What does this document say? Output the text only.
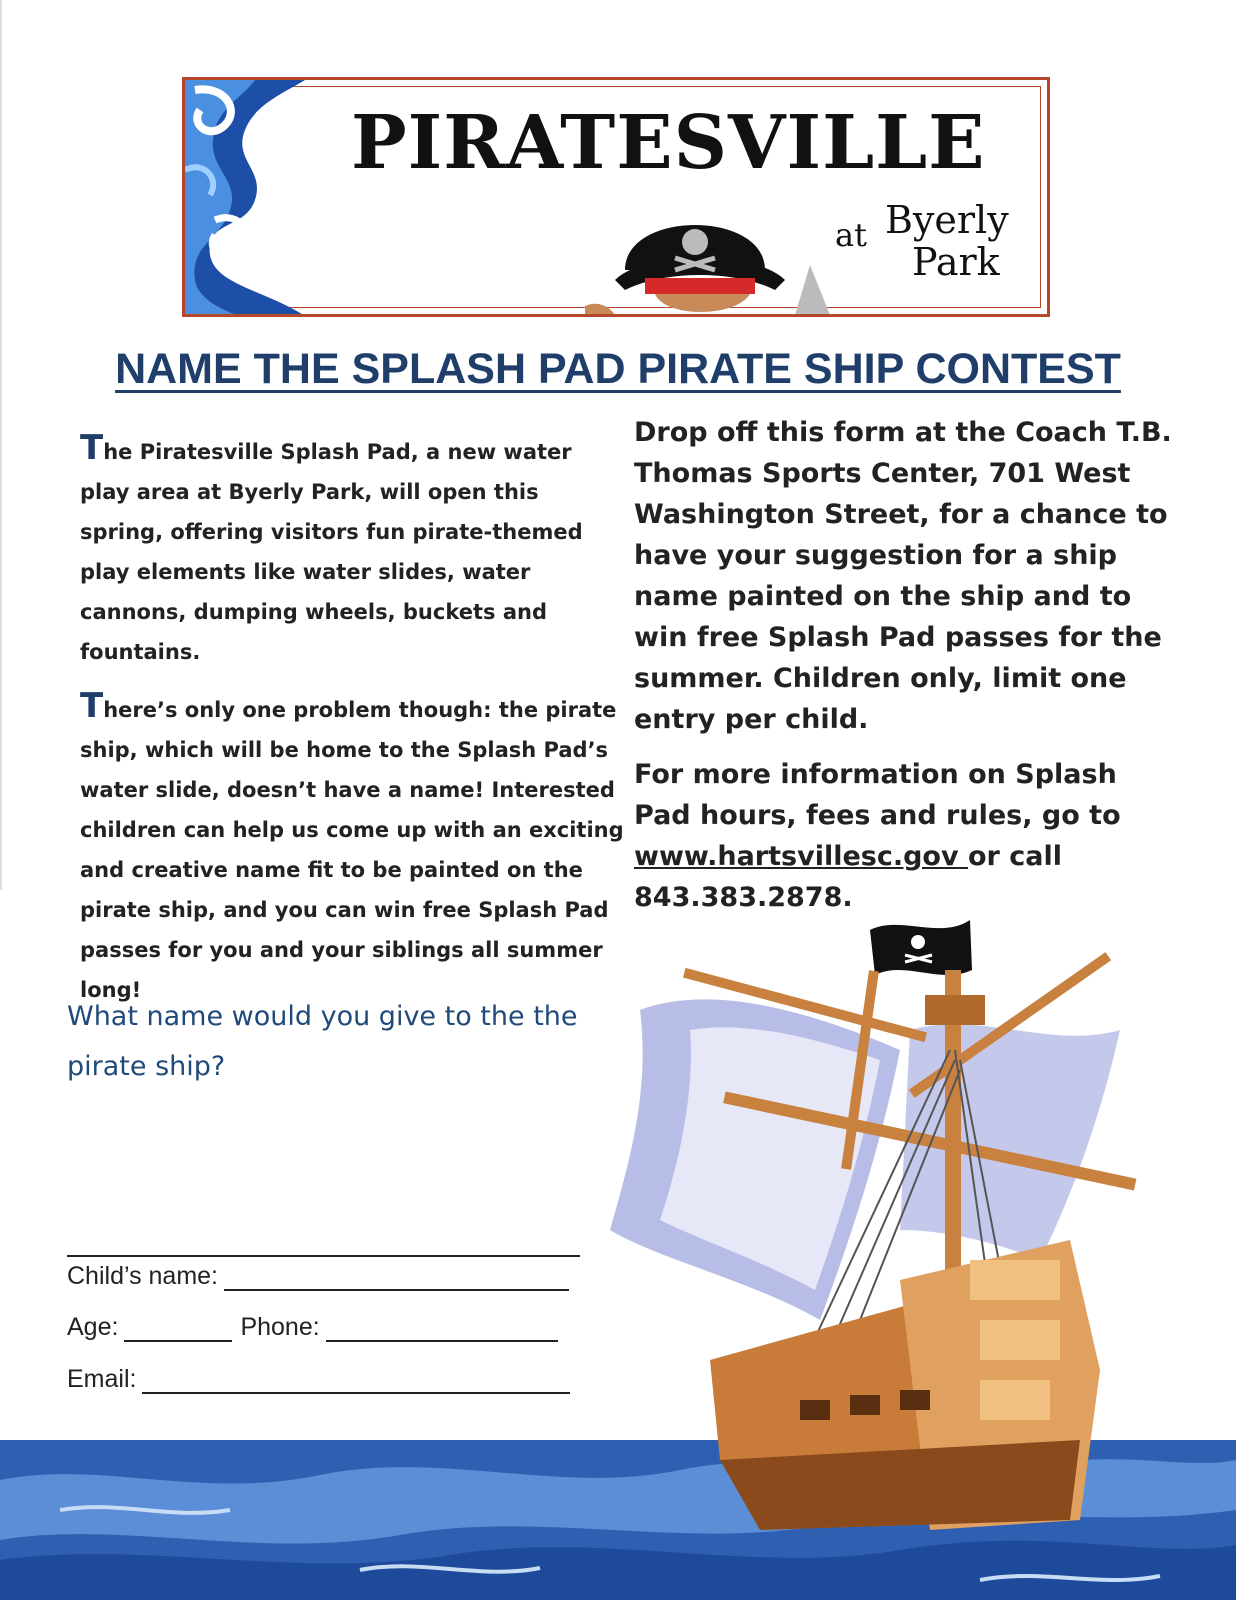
PIRATESVILLE
at Byerly
Park
NAME THE SPLASH PAD PIRATE SHIP CONTEST

The Piratesville Splash Pad, a new water play area at Byerly Park, will open this spring, offering visitors fun pirate-themed play elements like water slides, water cannons, dumping wheels, buckets and fountains.

There’s only one problem though: the pirate ship, which will be home to the Splash Pad’s water slide, doesn’t have a name! Interested children can help us come up with an exciting and creative name fit to be painted on the pirate ship, and you can win free Splash Pad passes for you and your siblings all summer long!

What name would you give to the the pirate ship?

Drop off this form at the Coach T.B. Thomas Sports Center, 701 West Washington Street, for a chance to have your suggestion for a ship name painted on the ship and to win free Splash Pad passes for the summer. Children only, limit one entry per child.

For more information on Splash Pad hours, fees and rules, go to www.hartsvillesc.gov or call 843.383.2878.

Child’s name:
Age:	Phone:
Email:
